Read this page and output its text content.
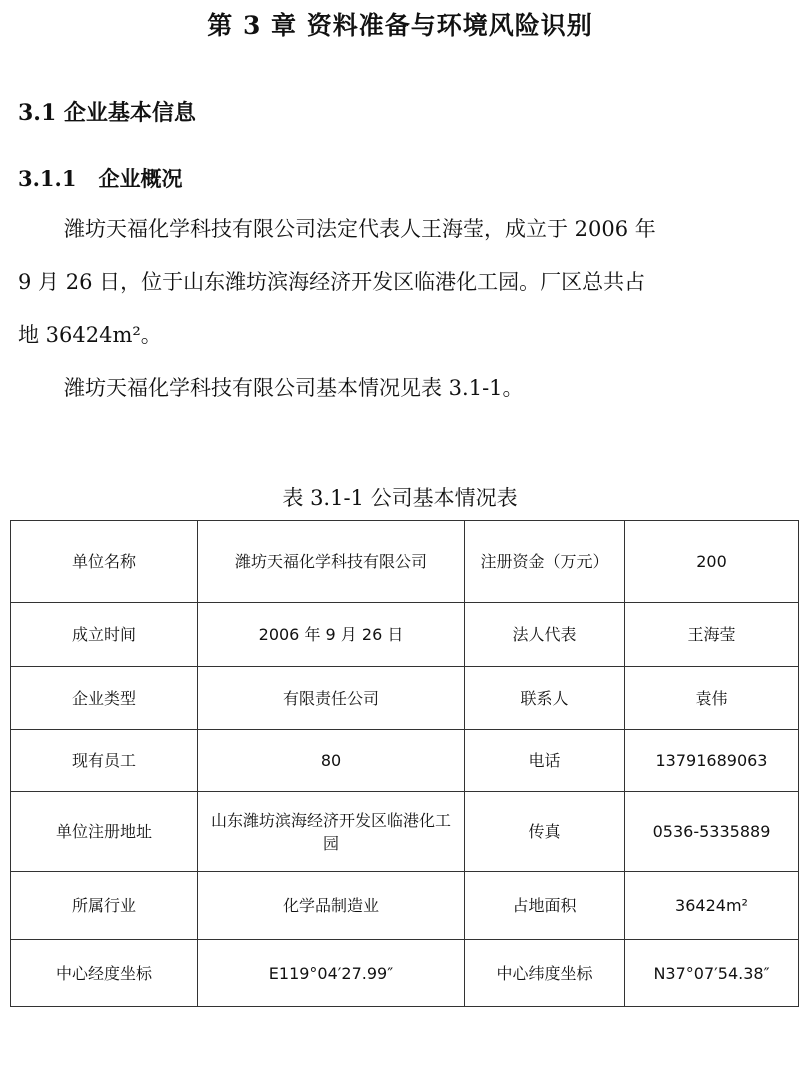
第 3 章 资料准备与环境风险识别
3.1 企业基本信息
3.1.1 企业概况
潍坊天福化学科技有限公司法定代表人王海莹，成立于 2006 年
9 月 26 日，位于山东潍坊滨海经济开发区临港化工园。厂区总共占
地 36424m²。
潍坊天福化学科技有限公司基本情况见表 3.1-1。
表 3.1-1 公司基本情况表
单位名称	潍坊天福化学科技有限公司	注册资金（万元）	200
成立时间	2006 年 9 月 26 日	法人代表	王海莹
企业类型	有限责任公司	联系人	袁伟
现有员工	80	电话	13791689063
单位注册地址	山东潍坊滨海经济开发区临港化工园	传真	0536-5335889
所属行业	化学品制造业	占地面积	36424m²
中心经度坐标	E119°04′27.99″	中心纬度坐标	N37°07′54.38″
